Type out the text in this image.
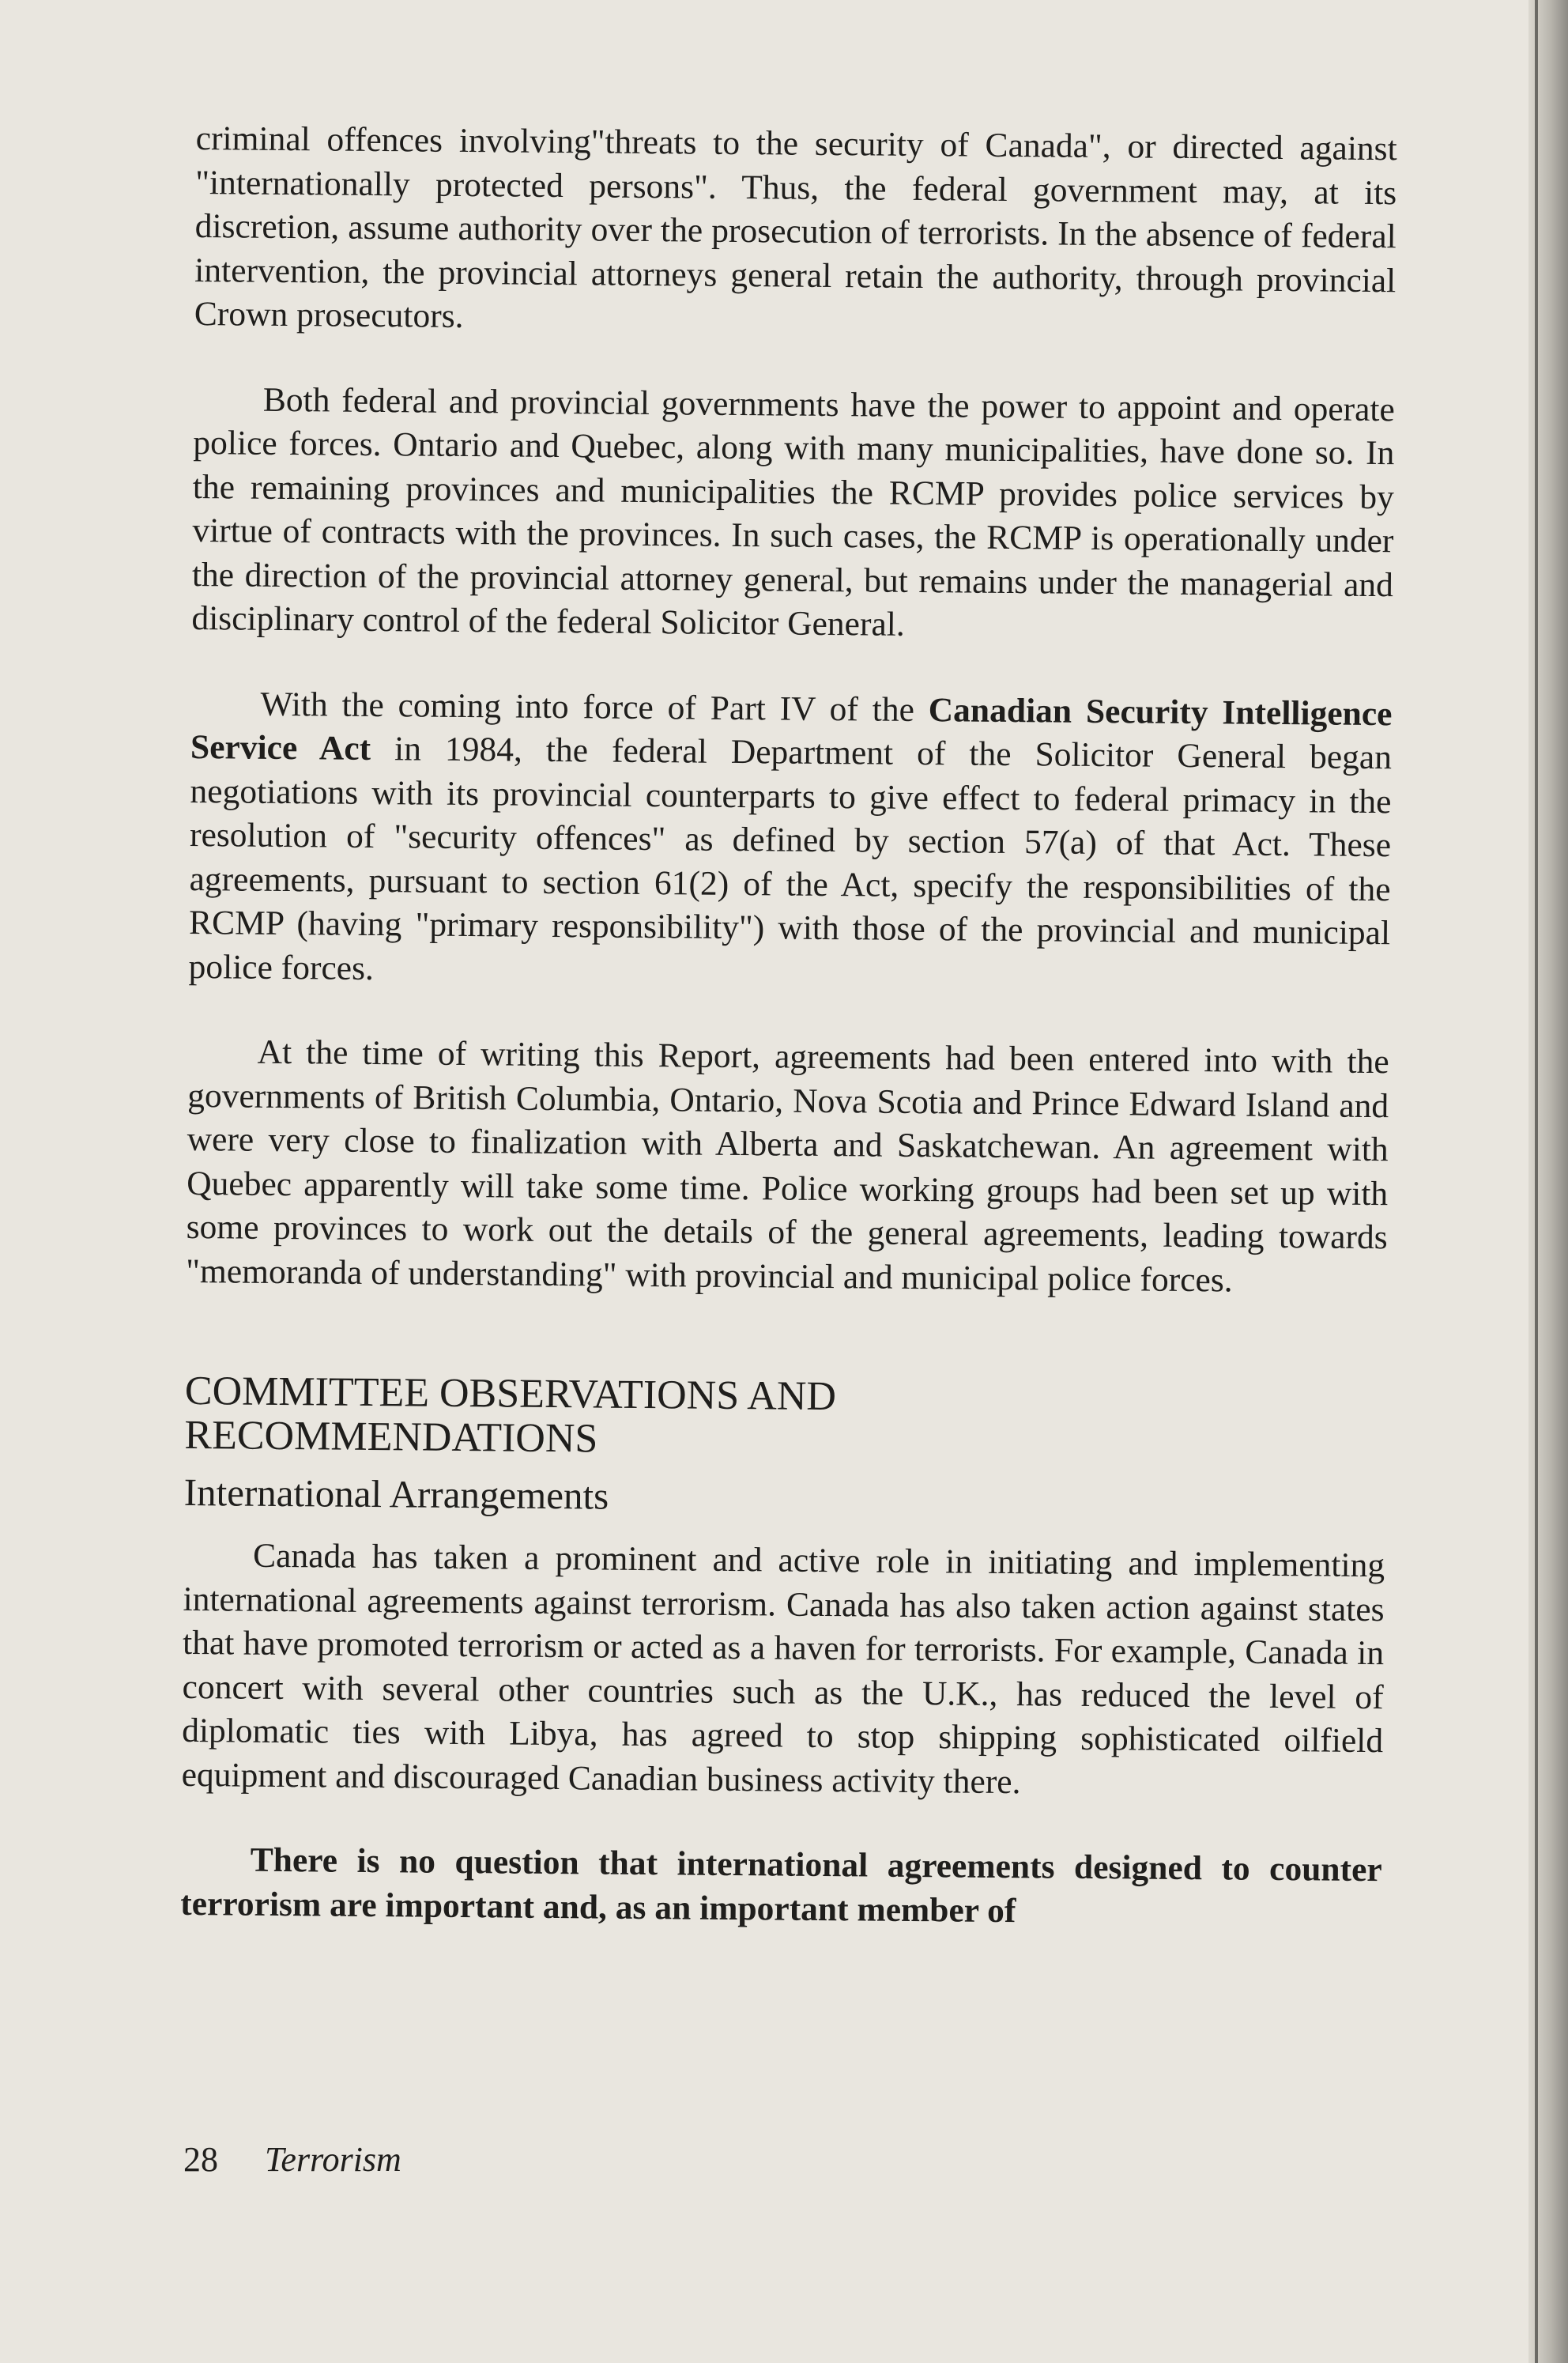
criminal offences involving"threats to the security of Canada", or directed against "internationally protected persons". Thus, the federal government may, at its discretion, assume authority over the prosecution of terrorists. In the absence of federal intervention, the provincial attorneys general retain the authority, through provincial Crown prosecutors.

Both federal and provincial governments have the power to appoint and operate police forces. Ontario and Quebec, along with many municipalities, have done so. In the remaining provinces and municipalities the RCMP provides police services by virtue of contracts with the provinces. In such cases, the RCMP is operationally under the direction of the provincial attorney general, but remains under the managerial and disciplinary control of the federal Solicitor General.

With the coming into force of Part IV of the Canadian Security Intelligence Service Act in 1984, the federal Department of the Solicitor General began negotiations with its provincial counterparts to give effect to federal primacy in the resolution of "security offences" as defined by section 57(a) of that Act. These agreements, pursuant to section 61(2) of the Act, specify the responsibilities of the RCMP (having "primary responsibility") with those of the provincial and municipal police forces.

At the time of writing this Report, agreements had been entered into with the governments of British Columbia, Ontario, Nova Scotia and Prince Edward Island and were very close to finalization with Alberta and Saskatchewan. An agreement with Quebec apparently will take some time. Police working groups had been set up with some provinces to work out the details of the general agreements, leading towards "memoranda of understanding" with provincial and municipal police forces.

COMMITTEE OBSERVATIONS AND RECOMMENDATIONS
International Arrangements

Canada has taken a prominent and active role in initiating and implementing international agreements against terrorism. Canada has also taken action against states that have promoted terrorism or acted as a haven for terrorists. For example, Canada in concert with several other countries such as the U.K., has reduced the level of diplomatic ties with Libya, has agreed to stop shipping sophisticated oilfield equipment and discouraged Canadian business activity there.

There is no question that international agreements designed to counter terrorism are important and, as an important member of

28 Terrorism
